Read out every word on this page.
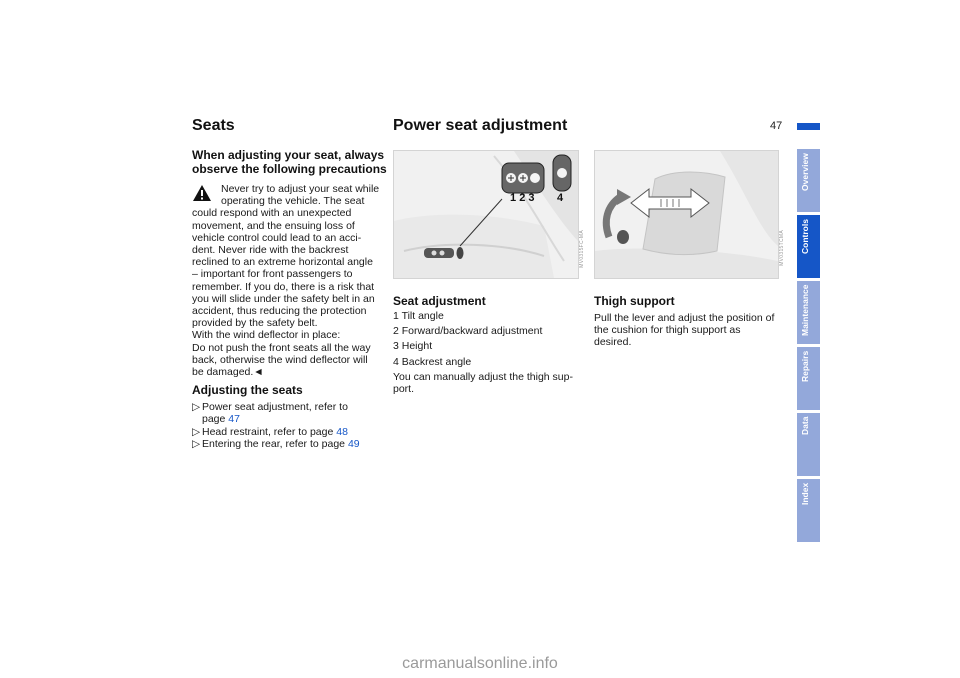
Seats	Power seat adjustment	47
When adjusting your seat, always observe the following precautions

Never try to adjust your seat while

operating the vehicle. The seat

could respond with an unexpected

movement, and the ensuing loss of

vehicle control could lead to an acci-

dent. Never ride with the backrest

reclined to an extreme horizontal angle

– important for front passengers to

remember. If you do, there is a risk that

you will slide under the safety belt in an

accident, thus reducing the protection

provided by the safety belt.

With the wind deflector in place:

Do not push the front seats all the way

back, otherwise the wind deflector will

be damaged.◄

Adjusting the seats
▷ Power seat adjustment, refer to
page 47
▷ Head restraint, refer to page 48
▷ Entering the rear, refer to page 49
1 2 3 4
MV0315FC-MA
Seat adjustment
1 Tilt angle
2 Forward/backward adjustment
3 Height
4 Backrest angle

You can manually adjust the thigh sup-

port.

MV0315TCMA
Thigh support

Pull the lever and adjust the position of

the cushion for thigh support as

desired.

Overview
Controls
Maintenance
Repairs
Data
Index
carmanualsonline.info
